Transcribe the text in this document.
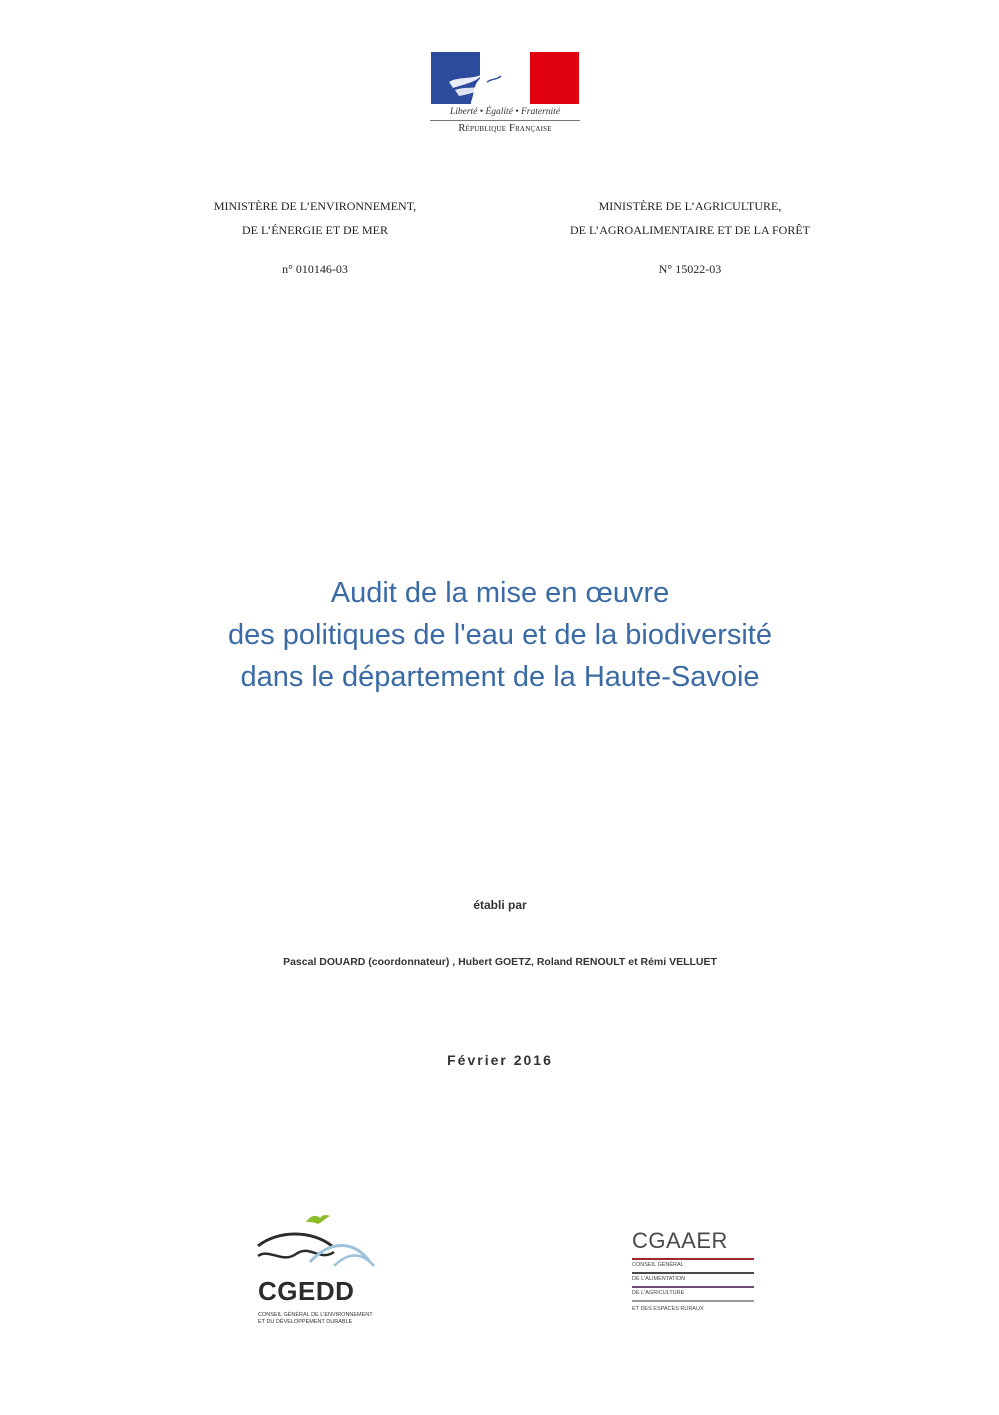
Liberté • Égalité • Fraternité
République Française
MINISTÈRE DE L’ENVIRONNEMENT,
DE L’ÉNERGIE ET DE MER
MINISTÈRE DE L’AGRICULTURE,
DE L’AGROALIMENTAIRE ET DE LA FORÊT
n° 010146-03	N° 15022-03
Audit de la mise en œuvre
des politiques de l'eau et de la biodiversité
dans le département de la Haute-Savoie
établi par
Pascal DOUARD (coordonnateur) , Hubert GOETZ, Roland RENOULT et Rémi VELLUET
Février 2016
CGEDD
CONSEIL GÉNÉRAL DE L'ENVIRONNEMENT ET DU DÉVELOPPEMENT DURABLE
CGAAER
CONSEIL GÉNÉRAL
DE L'ALIMENTATION
DE L'AGRICULTURE
ET DES ESPACES RURAUX
